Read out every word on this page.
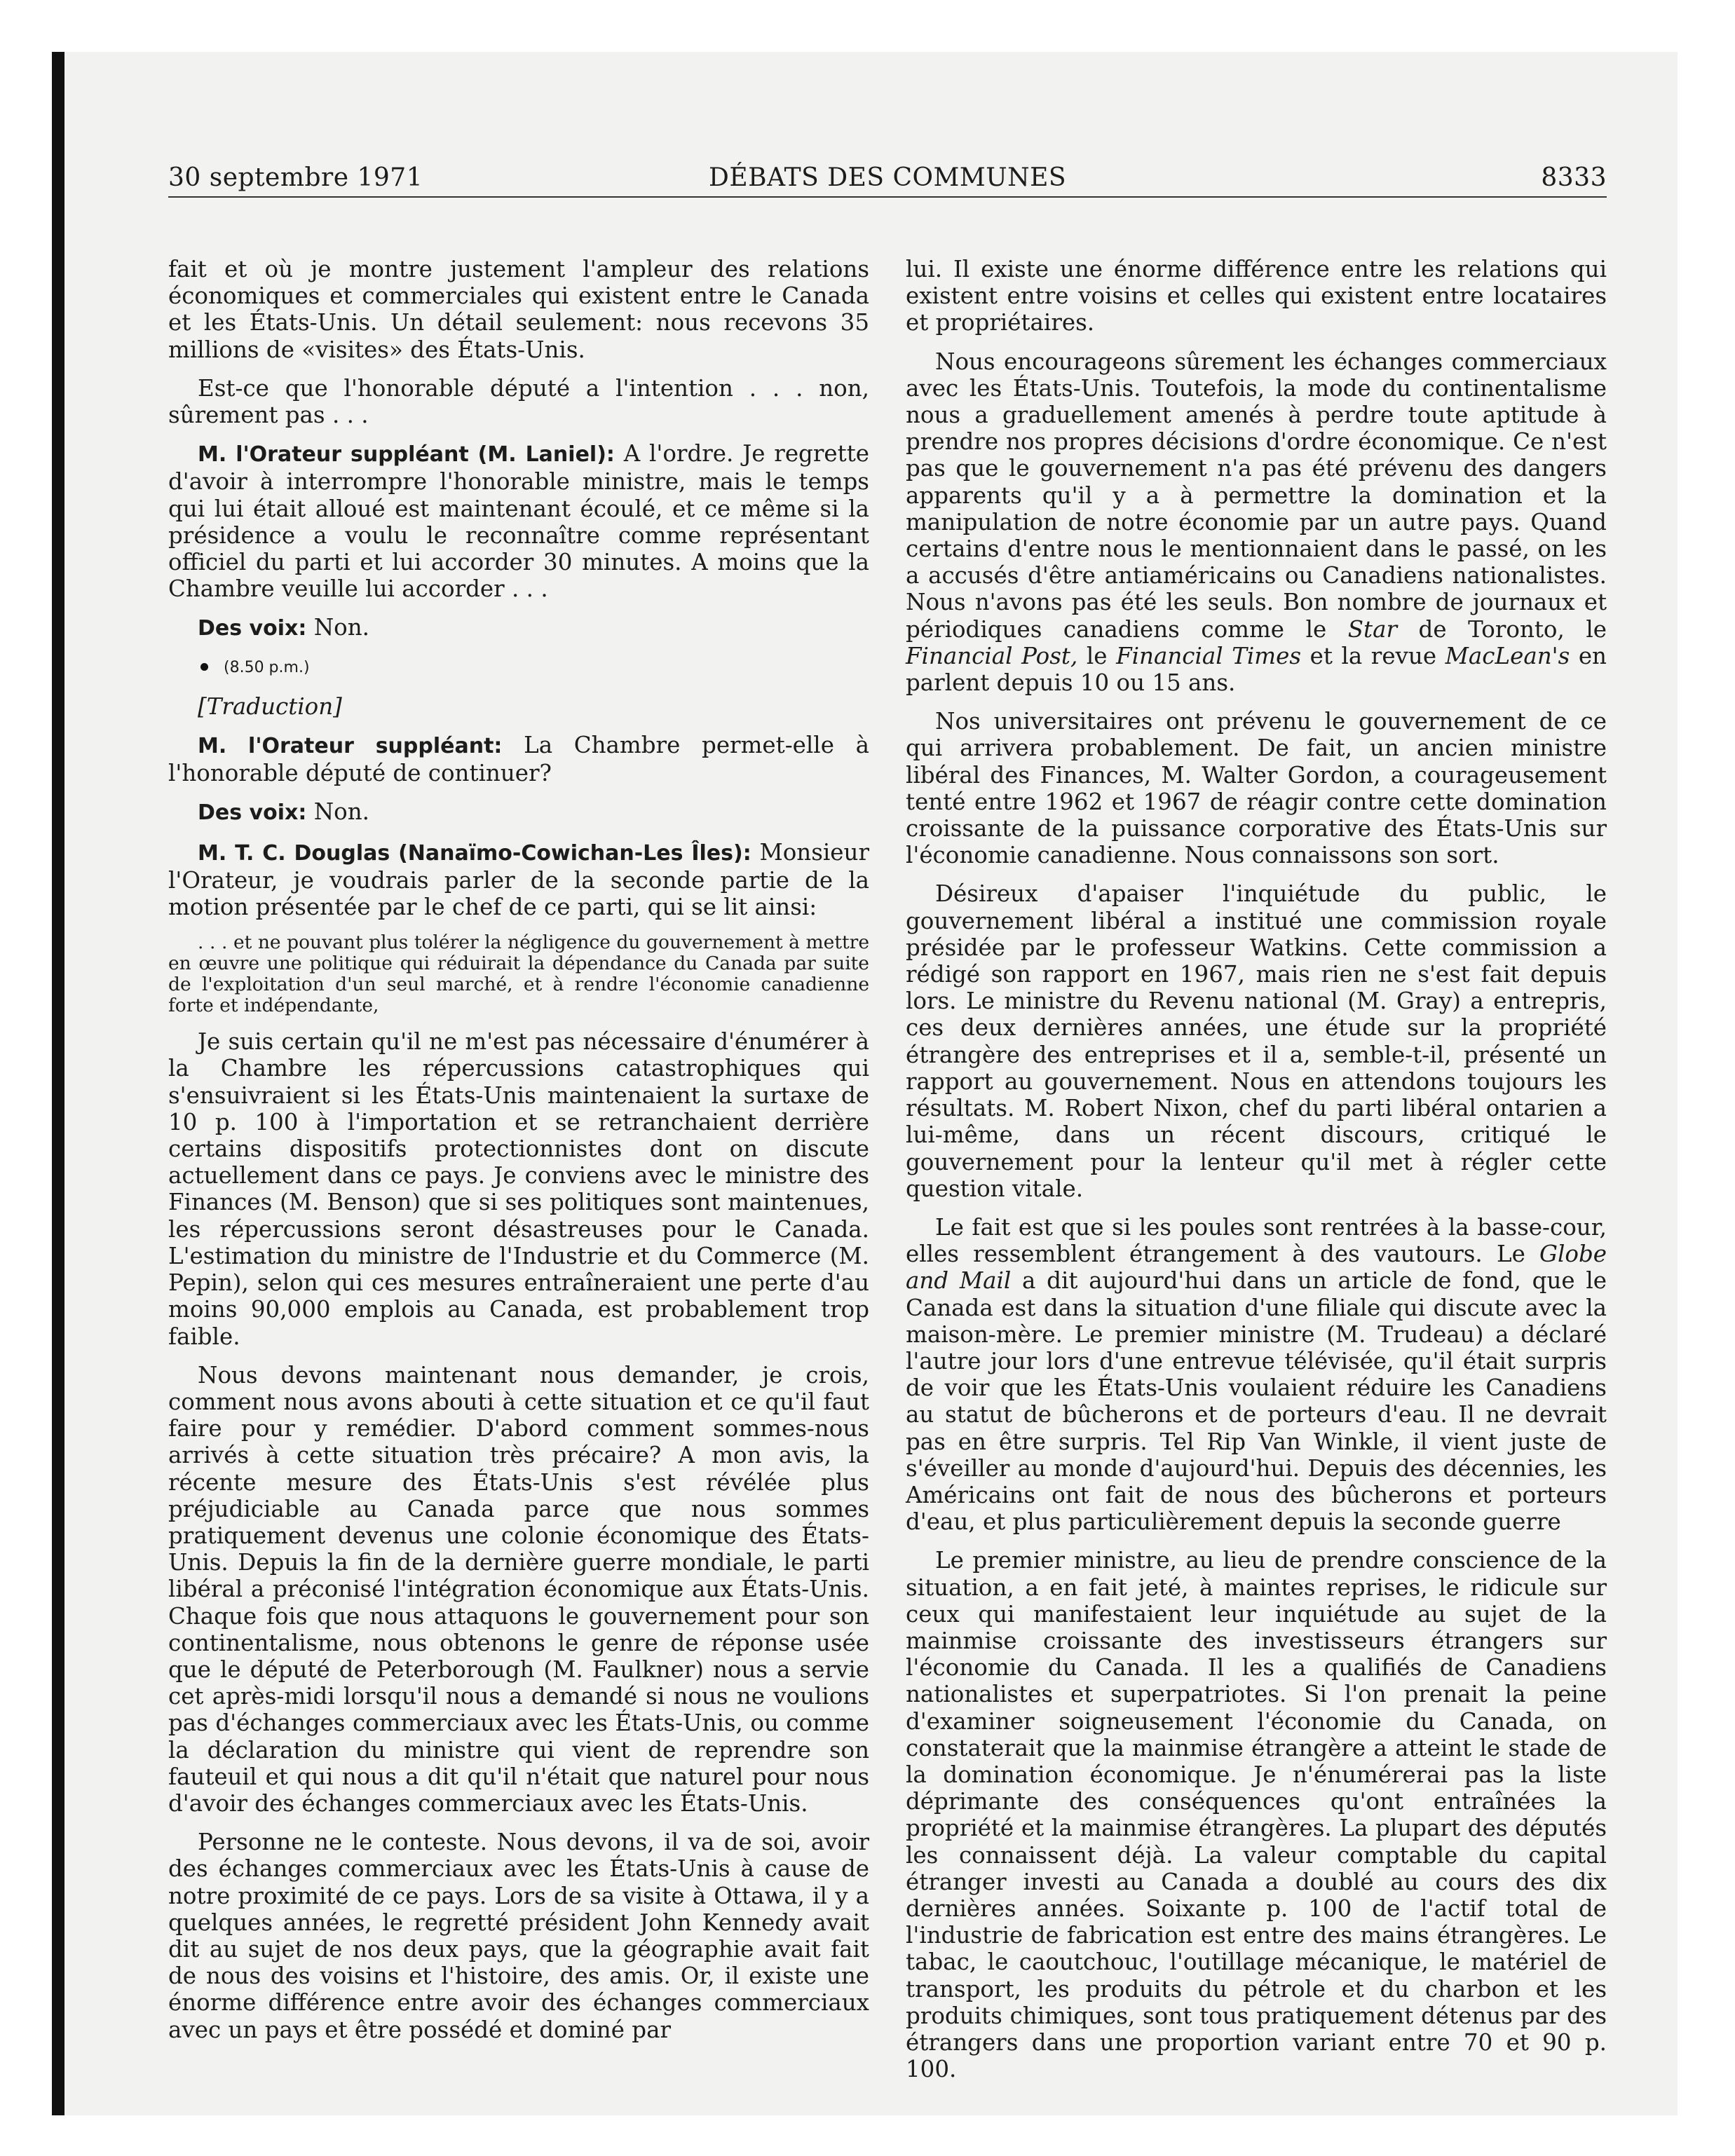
30 septembre 1971	DÉBATS DES COMMUNES	8333

fait et où je montre justement l'ampleur des relations économiques et commerciales qui existent entre le Canada et les États-Unis. Un détail seulement: nous recevons 35 millions de «visites» des États-Unis.

Est-ce que l'honorable député a l'intention . . . non, sûrement pas . . .

M. l'Orateur suppléant (M. Laniel): A l'ordre. Je regrette d'avoir à interrompre l'honorable ministre, mais le temps qui lui était alloué est maintenant écoulé, et ce même si la présidence a voulu le reconnaître comme représentant officiel du parti et lui accorder 30 minutes. A moins que la Chambre veuille lui accorder . . .

Des voix: Non.

(8.50 p.m.)

[Traduction]

M. l'Orateur suppléant: La Chambre permet-elle à l'honorable député de continuer?

Des voix: Non.

M. T. C. Douglas (Nanaïmo-Cowichan-Les Îles): Monsieur l'Orateur, je voudrais parler de la seconde partie de la motion présentée par le chef de ce parti, qui se lit ainsi:

. . . et ne pouvant plus tolérer la négligence du gouvernement à mettre en œuvre une politique qui réduirait la dépendance du Canada par suite de l'exploitation d'un seul marché, et à rendre l'économie canadienne forte et indépendante,

Je suis certain qu'il ne m'est pas nécessaire d'énumérer à la Chambre les répercussions catastrophiques qui s'ensuivraient si les États-Unis maintenaient la surtaxe de 10 p. 100 à l'importation et se retranchaient derrière certains dispositifs protectionnistes dont on discute actuellement dans ce pays. Je conviens avec le ministre des Finances (M. Benson) que si ses politiques sont maintenues, les répercussions seront désastreuses pour le Canada. L'estimation du ministre de l'Industrie et du Commerce (M. Pepin), selon qui ces mesures entraîneraient une perte d'au moins 90,000 emplois au Canada, est probablement trop faible.

Nous devons maintenant nous demander, je crois, comment nous avons abouti à cette situation et ce qu'il faut faire pour y remédier. D'abord comment sommes-nous arrivés à cette situation très précaire? A mon avis, la récente mesure des États-Unis s'est révélée plus préjudiciable au Canada parce que nous sommes pratiquement devenus une colonie économique des États-Unis. Depuis la fin de la dernière guerre mondiale, le parti libéral a préconisé l'intégration économique aux États-Unis. Chaque fois que nous attaquons le gouvernement pour son continentalisme, nous obtenons le genre de réponse usée que le député de Peterborough (M. Faulkner) nous a servie cet après-midi lorsqu'il nous a demandé si nous ne voulions pas d'échanges commerciaux avec les États-Unis, ou comme la déclaration du ministre qui vient de reprendre son fauteuil et qui nous a dit qu'il n'était que naturel pour nous d'avoir des échanges commerciaux avec les États-Unis.

Personne ne le conteste. Nous devons, il va de soi, avoir des échanges commerciaux avec les États-Unis à cause de notre proximité de ce pays. Lors de sa visite à Ottawa, il y a quelques années, le regretté président John Kennedy avait dit au sujet de nos deux pays, que la géographie avait fait de nous des voisins et l'histoire, des amis. Or, il existe une énorme différence entre avoir des échanges commerciaux avec un pays et être possédé et dominé par

lui. Il existe une énorme différence entre les relations qui existent entre voisins et celles qui existent entre locataires et propriétaires.

Nous encourageons sûrement les échanges commerciaux avec les États-Unis. Toutefois, la mode du continentalisme nous a graduellement amenés à perdre toute aptitude à prendre nos propres décisions d'ordre économique. Ce n'est pas que le gouvernement n'a pas été prévenu des dangers apparents qu'il y a à permettre la domination et la manipulation de notre économie par un autre pays. Quand certains d'entre nous le mentionnaient dans le passé, on les a accusés d'être antiaméricains ou Canadiens nationalistes. Nous n'avons pas été les seuls. Bon nombre de journaux et périodiques canadiens comme le Star de Toronto, le Financial Post, le Financial Times et la revue MacLean's en parlent depuis 10 ou 15 ans.

Nos universitaires ont prévenu le gouvernement de ce qui arrivera probablement. De fait, un ancien ministre libéral des Finances, M. Walter Gordon, a courageusement tenté entre 1962 et 1967 de réagir contre cette domination croissante de la puissance corporative des États-Unis sur l'économie canadienne. Nous connaissons son sort.

Désireux d'apaiser l'inquiétude du public, le gouvernement libéral a institué une commission royale présidée par le professeur Watkins. Cette commission a rédigé son rapport en 1967, mais rien ne s'est fait depuis lors. Le ministre du Revenu national (M. Gray) a entrepris, ces deux dernières années, une étude sur la propriété étrangère des entreprises et il a, semble-t-il, présenté un rapport au gouvernement. Nous en attendons toujours les résultats. M. Robert Nixon, chef du parti libéral ontarien a lui-même, dans un récent discours, critiqué le gouvernement pour la lenteur qu'il met à régler cette question vitale.

Le fait est que si les poules sont rentrées à la basse-cour, elles ressemblent étrangement à des vautours. Le Globe and Mail a dit aujourd'hui dans un article de fond, que le Canada est dans la situation d'une filiale qui discute avec la maison-mère. Le premier ministre (M. Trudeau) a déclaré l'autre jour lors d'une entrevue télévisée, qu'il était surpris de voir que les États-Unis voulaient réduire les Canadiens au statut de bûcherons et de porteurs d'eau. Il ne devrait pas en être surpris. Tel Rip Van Winkle, il vient juste de s'éveiller au monde d'aujourd'hui. Depuis des décennies, les Américains ont fait de nous des bûcherons et porteurs d'eau, et plus particulièrement depuis la seconde guerre

Le premier ministre, au lieu de prendre conscience de la situation, a en fait jeté, à maintes reprises, le ridicule sur ceux qui manifestaient leur inquiétude au sujet de la mainmise croissante des investisseurs étrangers sur l'économie du Canada. Il les a qualifiés de Canadiens nationalistes et superpatriotes. Si l'on prenait la peine d'examiner soigneusement l'économie du Canada, on constaterait que la mainmise étrangère a atteint le stade de la domination économique. Je n'énumérerai pas la liste déprimante des conséquences qu'ont entraînées la propriété et la mainmise étrangères. La plupart des députés les connaissent déjà. La valeur comptable du capital étranger investi au Canada a doublé au cours des dix dernières années. Soixante p. 100 de l'actif total de l'industrie de fabrication est entre des mains étrangères. Le tabac, le caoutchouc, l'outillage mécanique, le matériel de transport, les produits du pétrole et du charbon et les produits chimiques, sont tous pratiquement détenus par des étrangers dans une proportion variant entre 70 et 90 p. 100.
